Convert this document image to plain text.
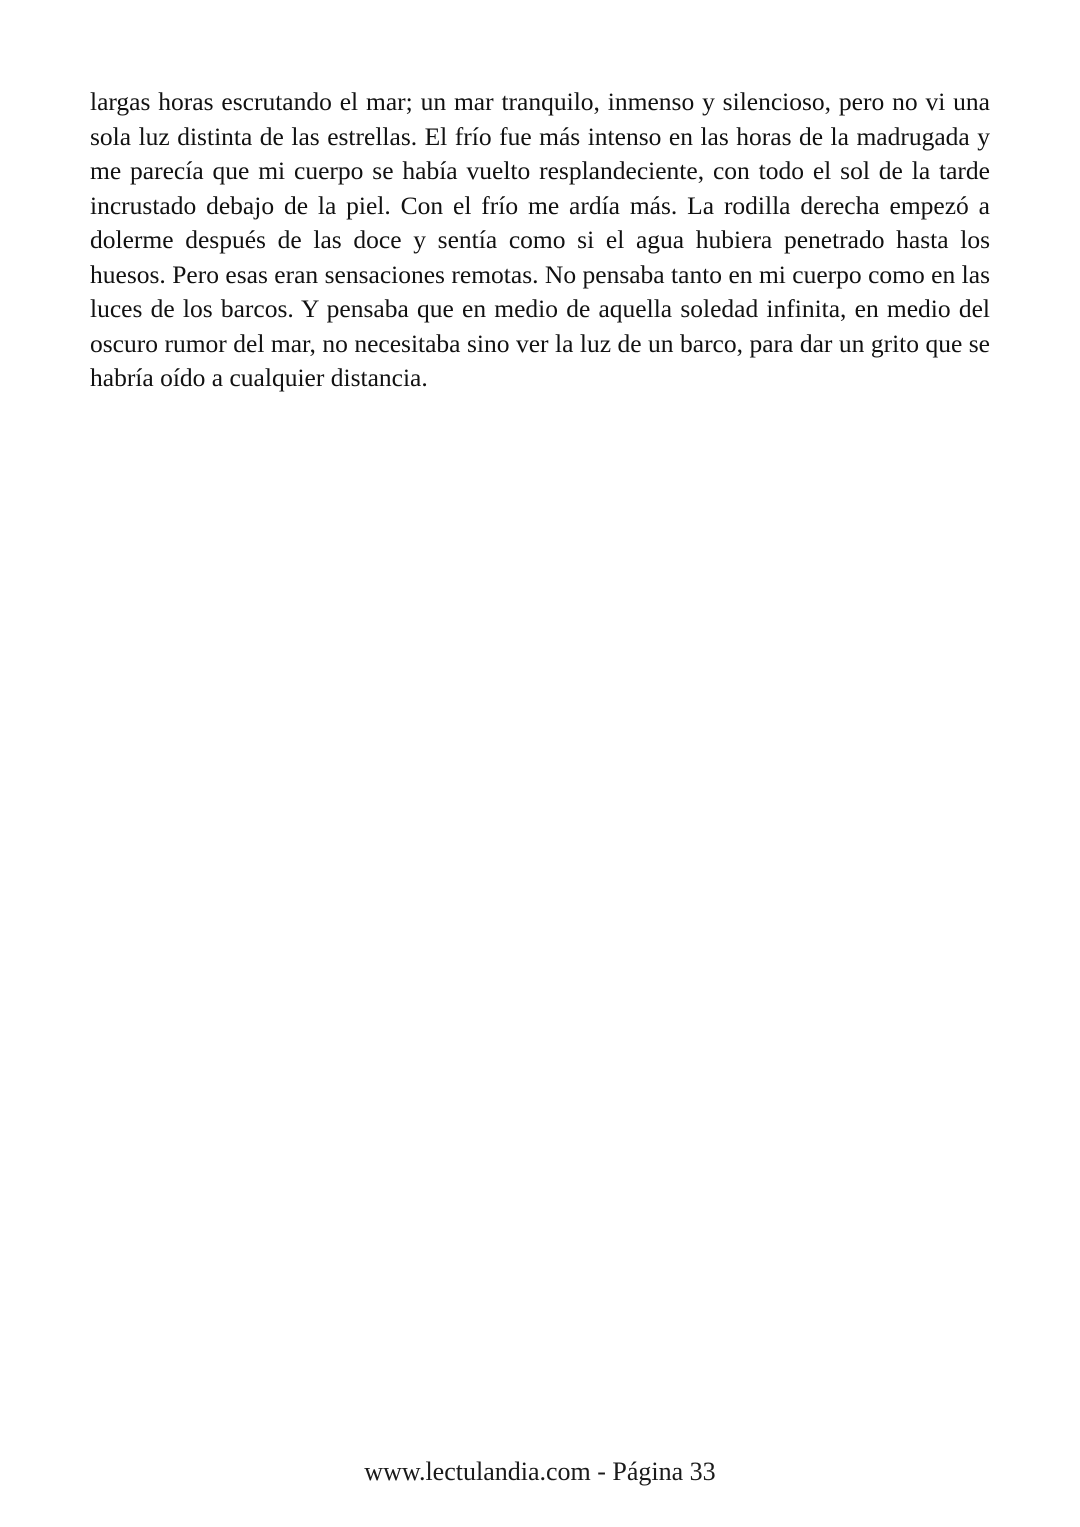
largas horas escrutando el mar; un mar tranquilo, inmenso y silencioso, pero no vi una sola luz distinta de las estrellas. El frío fue más intenso en las horas de la madrugada y me parecía que mi cuerpo se había vuelto resplandeciente, con todo el sol de la tarde incrustado debajo de la piel. Con el frío me ardía más. La rodilla derecha empezó a dolerme después de las doce y sentía como si el agua hubiera penetrado hasta los huesos. Pero esas eran sensaciones remotas. No pensaba tanto en mi cuerpo como en las luces de los barcos. Y pensaba que en medio de aquella soledad infinita, en medio del oscuro rumor del mar, no necesitaba sino ver la luz de un barco, para dar un grito que se habría oído a cualquier distancia.

www.lectulandia.com - Página 33
